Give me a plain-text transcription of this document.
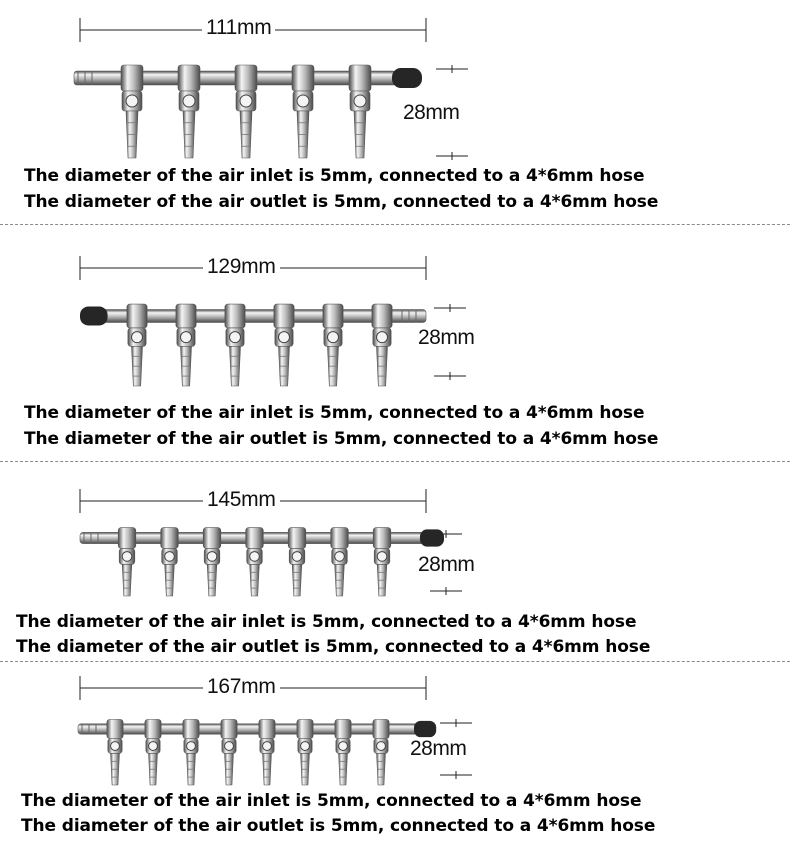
111mm
28mm
The diameter of the air inlet is 5mm, connected to a 4*6mm hose
The diameter of the air outlet is 5mm, connected to a 4*6mm hose
129mm
28mm
The diameter of the air inlet is 5mm, connected to a 4*6mm hose
The diameter of the air outlet is 5mm, connected to a 4*6mm hose
145mm
28mm
The diameter of the air inlet is 5mm, connected to a 4*6mm hose
The diameter of the air outlet is 5mm, connected to a 4*6mm hose
167mm
28mm
The diameter of the air inlet is 5mm, connected to a 4*6mm hose
The diameter of the air outlet is 5mm, connected to a 4*6mm hose
